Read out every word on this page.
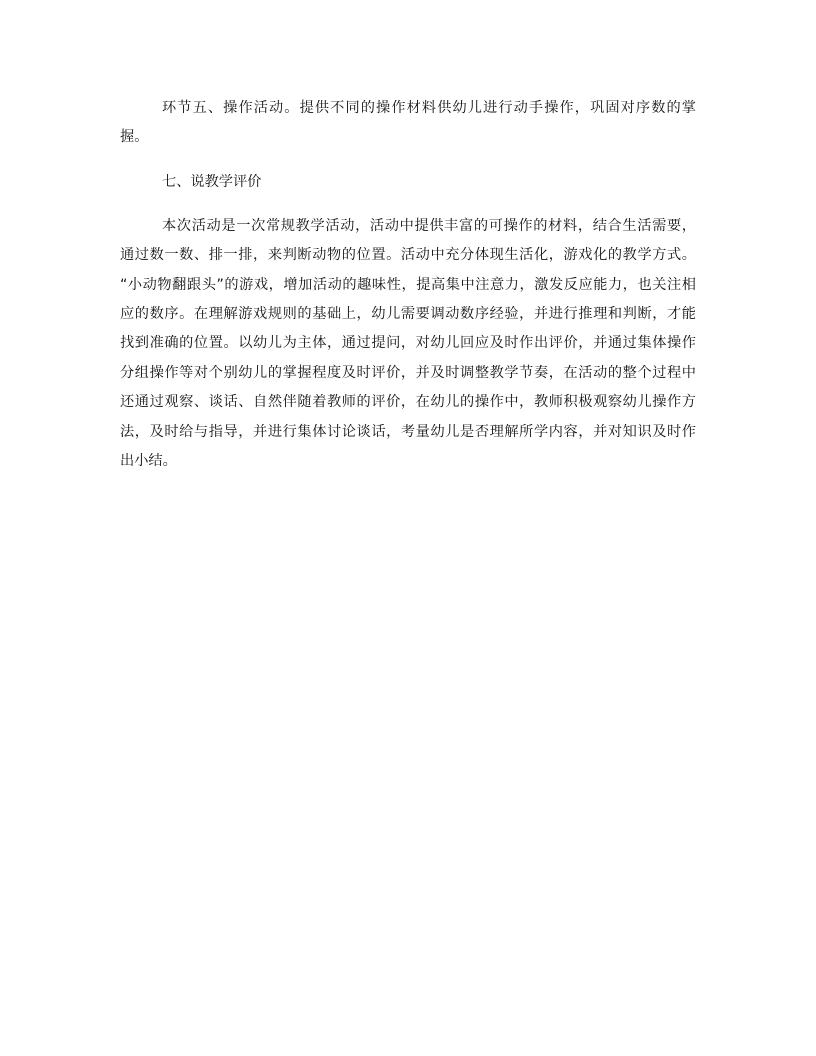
环节五、操作活动。提供不同的操作材料供幼儿进行动手操作，巩固对序数的掌
握。
七、说教学评价
本次活动是一次常规教学活动，活动中提供丰富的可操作的材料，结合生活需要，
通过数一数、排一排，来判断动物的位置。活动中充分体现生活化，游戏化的教学方式。
“小动物翻跟头”的游戏，增加活动的趣味性，提高集中注意力，激发反应能力，也关注相
应的数序。在理解游戏规则的基础上，幼儿需要调动数序经验，并进行推理和判断，才能
找到准确的位置。以幼儿为主体，通过提问，对幼儿回应及时作出评价，并通过集体操作
分组操作等对个别幼儿的掌握程度及时评价，并及时调整教学节奏，在活动的整个过程中
还通过观察、谈话、自然伴随着教师的评价，在幼儿的操作中，教师积极观察幼儿操作方
法，及时给与指导，并进行集体讨论谈话，考量幼儿是否理解所学内容，并对知识及时作
出小结。
